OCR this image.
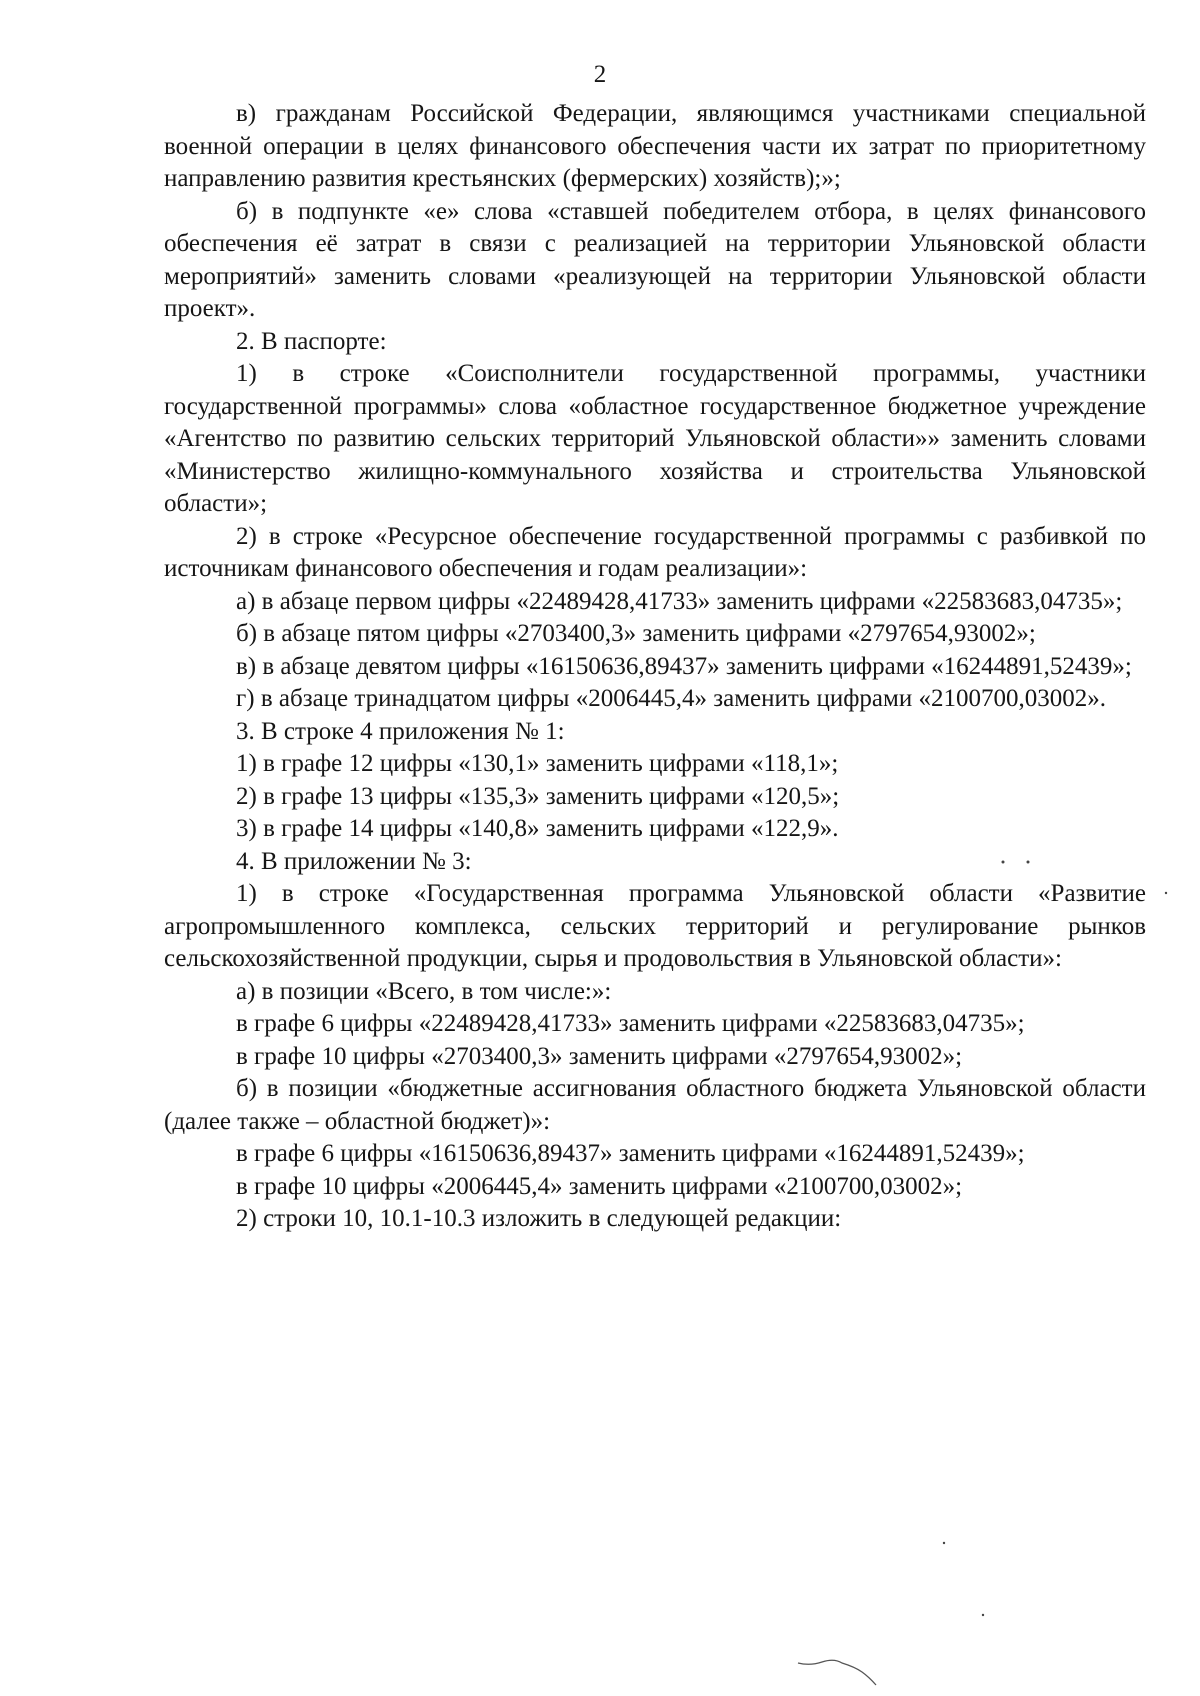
2

в) гражданам Российской Федерации, являющимся участниками специальной военной операции в целях финансового обеспечения части их затрат по приоритетному направлению развития крестьянских (фермерских) хозяйств);»;

б) в подпункте «е» слова «ставшей победителем отбора, в целях финансового обеспечения её затрат в связи с реализацией на территории Ульяновской области мероприятий» заменить словами «реализующей на территории Ульяновской области проект».

2. В паспорте:

1) в строке «Соисполнители государственной программы, участники государственной программы» слова «областное государственное бюджетное учреждение «Агентство по развитию сельских территорий Ульяновской области»» заменить словами «Министерство жилищно-коммунального хозяйства и строительства Ульяновской области»;

2) в строке «Ресурсное обеспечение государственной программы с разбивкой по источникам финансового обеспечения и годам реализации»:

а) в абзаце первом цифры «22489428,41733» заменить цифрами «22583683,04735»;

б) в абзаце пятом цифры «2703400,3» заменить цифрами «2797654,93002»;

в) в абзаце девятом цифры «16150636,89437» заменить цифрами «16244891,52439»;

г) в абзаце тринадцатом цифры «2006445,4» заменить цифрами «2100700,03002».

3. В строке 4 приложения № 1:

1) в графе 12 цифры «130,1» заменить цифрами «118,1»;

2) в графе 13 цифры «135,3» заменить цифрами «120,5»;

3) в графе 14 цифры «140,8» заменить цифрами «122,9».

4. В приложении № 3:

1) в строке «Государственная программа Ульяновской области «Развитие агропромышленного комплекса, сельских территорий и регулирование рынков сельскохозяйственной продукции, сырья и продовольствия в Ульяновской области»:

а) в позиции «Всего, в том числе:»:

в графе 6 цифры «22489428,41733» заменить цифрами «22583683,04735»;

в графе 10 цифры «2703400,3» заменить цифрами «2797654,93002»;

б) в позиции «бюджетные ассигнования областного бюджета Ульяновской области (далее также – областной бюджет)»:

в графе 6 цифры «16150636,89437» заменить цифрами «16244891,52439»;

в графе 10 цифры «2006445,4» заменить цифрами «2100700,03002»;

2) строки 10, 10.1-10.3 изложить в следующей редакции:
